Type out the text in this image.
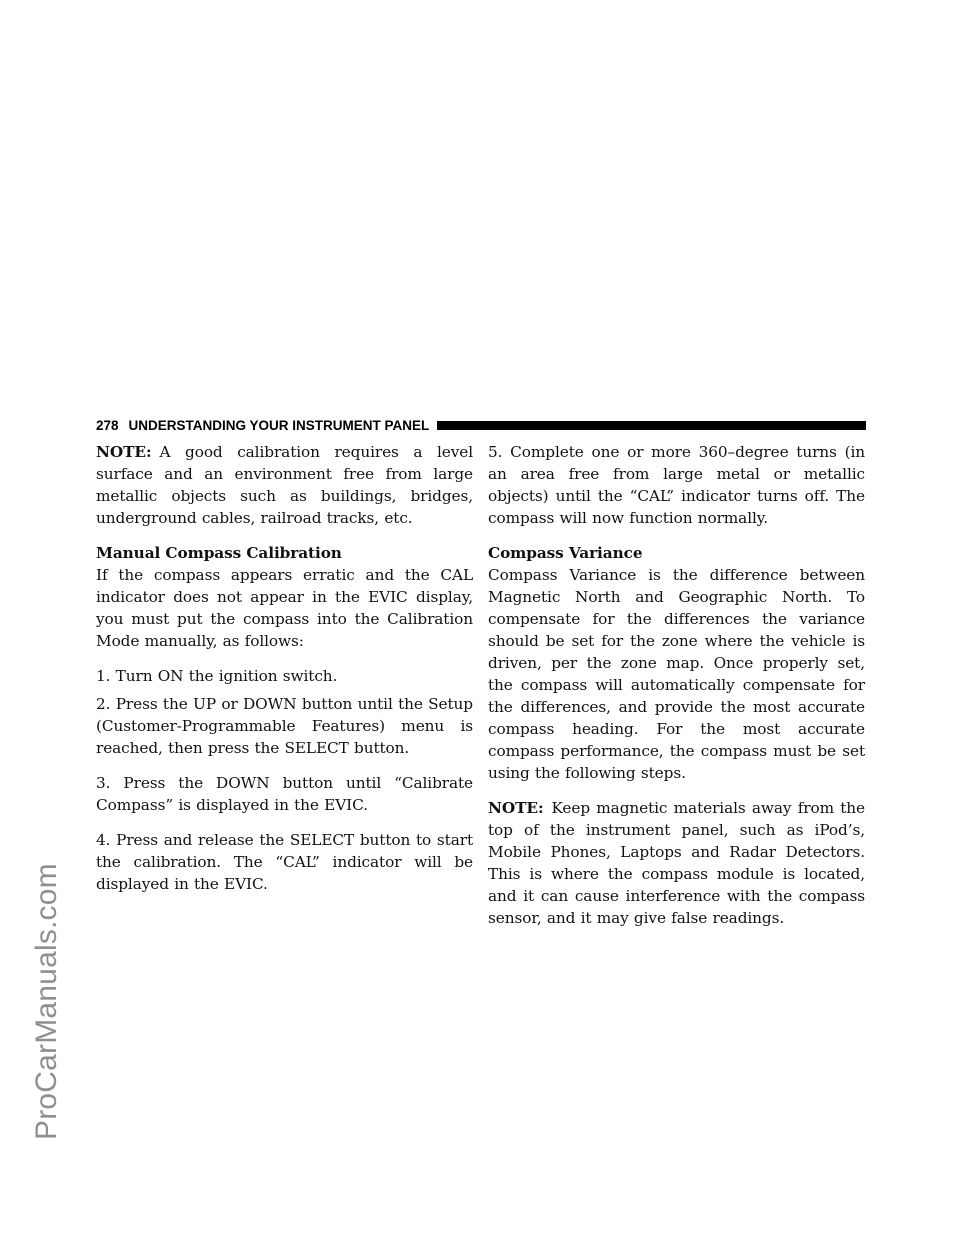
ProCarManuals.com
278 UNDERSTANDING YOUR INSTRUMENT PANEL

NOTE: A good calibration requires a level surface and an environment free from large metallic objects such as buildings, bridges, underground cables, railroad tracks, etc.

Manual Compass Calibration

If the compass appears erratic and the CAL indicator does not appear in the EVIC display, you must put the compass into the Calibration Mode manually, as follows:

1. Turn ON the ignition switch.

2. Press the UP or DOWN button until the Setup (Customer-Programmable Features) menu is reached, then press the SELECT button.

3. Press the DOWN button until “Calibrate Compass” is displayed in the EVIC.

4. Press and release the SELECT button to start the calibration. The “CAL” indicator will be displayed in the EVIC.

5. Complete one or more 360–degree turns (in an area free from large metal or metallic objects) until the “CAL” indicator turns off. The compass will now function normally.

Compass Variance

Compass Variance is the difference between Magnetic North and Geographic North. To compensate for the differences the variance should be set for the zone where the vehicle is driven, per the zone map. Once properly set, the compass will automatically compensate for the differences, and provide the most accurate compass heading. For the most accurate compass performance, the compass must be set using the following steps.

NOTE: Keep magnetic materials away from the top of the instrument panel, such as iPod’s, Mobile Phones, Laptops and Radar Detectors. This is where the compass module is located, and it can cause interference with the compass sensor, and it may give false readings.
